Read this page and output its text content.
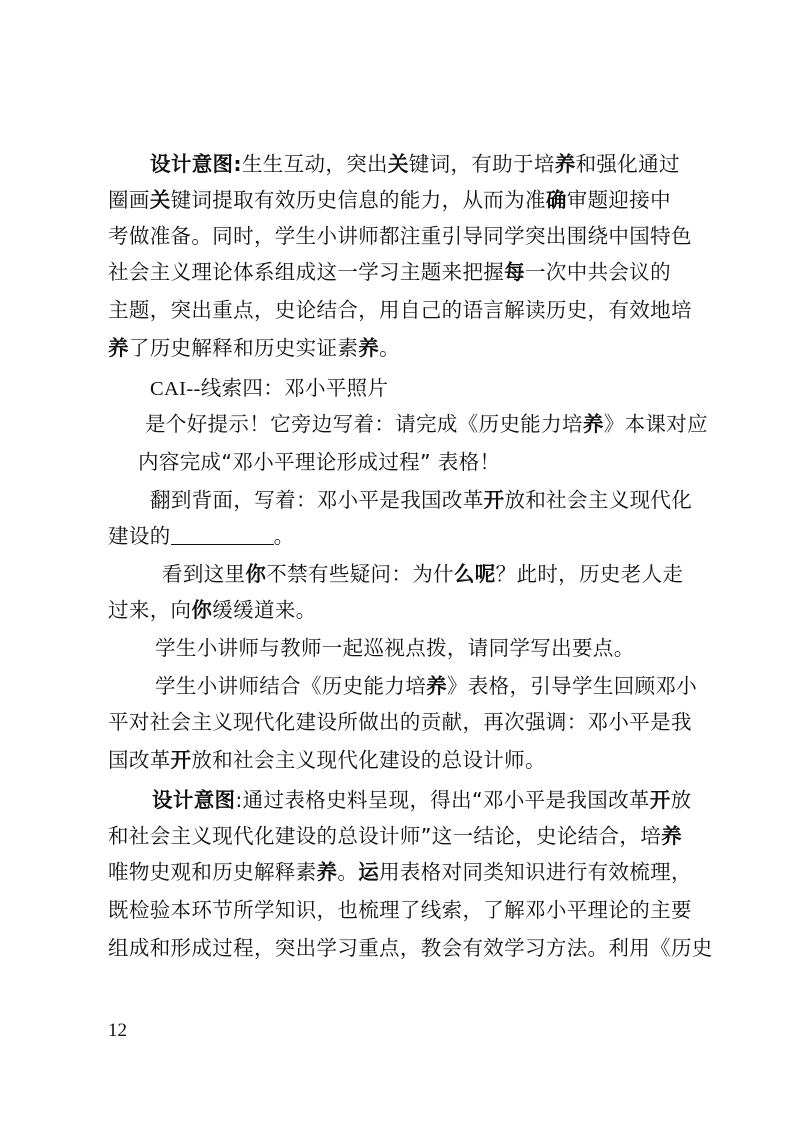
设计意图:生生互动，突出关键词，有助于培养和强化通过
圈画关键词提取有效历史信息的能力，从而为准确审题迎接中
考做准备。同时，学生小讲师都注重引导同学突出围绕中国特色
社会主义理论体系组成这一学习主题来把握每一次中共会议的
主题，突出重点，史论结合，用自己的语言解读历史，有效地培
养了历史解释和历史实证素养。
CAI--线索四：邓小平照片
是个好提示！它旁边写着：请完成《历史能力培养》本课对应
内容完成“邓小平理论形成过程” 表格！
翻到背面，写着：邓小平是我国改革开放和社会主义现代化
建设的	。
看到这里你不禁有些疑问：为什么呢？此时，历史老人走
过来，向你缓缓道来。
学生小讲师与教师一起巡视点拨，请同学写出要点。
学生小讲师结合《历史能力培养》表格，引导学生回顾邓小
平对社会主义现代化建设所做出的贡献，再次强调：邓小平是我
国改革开放和社会主义现代化建设的总设计师。
设计意图:通过表格史料呈现，得出“邓小平是我国改革开放
和社会主义现代化建设的总设计师”这一结论，史论结合，培养
唯物史观和历史解释素养。运用表格对同类知识进行有效梳理，
既检验本环节所学知识，也梳理了线索，了解邓小平理论的主要
组成和形成过程，突出学习重点，教会有效学习方法。利用《历史
12
